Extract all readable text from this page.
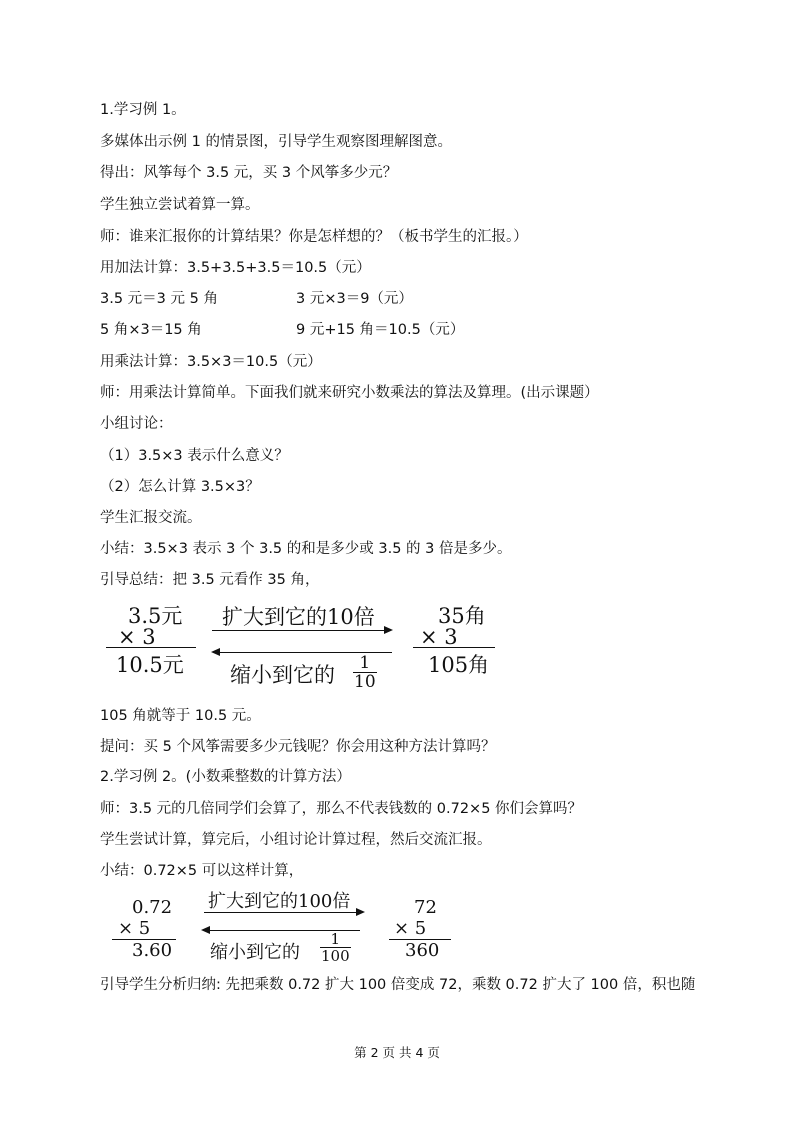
1.学习例 1。
多媒体出示例 1 的情景图，引导学生观察图理解图意。
得出：风筝每个 3.5 元，买 3 个风筝多少元？
学生独立尝试着算一算。
师：谁来汇报你的计算结果？你是怎样想的？（板书学生的汇报。）
用加法计算：3.5+3.5+3.5＝10.5（元）
3.5 元＝3 元 5 角	3 元×3＝9（元）
5 角×3＝15 角	9 元+15 角＝10.5（元）
用乘法计算：3.5×3＝10.5（元）
师：用乘法计算简单。下面我们就来研究小数乘法的算法及算理。(出示课题）
小组讨论：
（1）3.5×3 表示什么意义？
（2）怎么计算 3.5×3？
学生汇报交流。
小结：3.5×3 表示 3 个 3.5 的和是多少或 3.5 的 3 倍是多少。
引导总结：把 3.5 元看作 35 角，
3.5元
× 3
10.5元
扩大到它的10倍
缩小到它的 $\frac{1}{10}$
35角
× 3
105角
105 角就等于 10.5 元。
提问：买 5 个风筝需要多少元钱呢？你会用这种方法计算吗？
2.学习例 2。(小数乘整数的计算方法）
师：3.5 元的几倍同学们会算了，那么不代表钱数的 0.72×5 你们会算吗？
学生尝试计算，算完后，小组讨论计算过程，然后交流汇报。
小结：0.72×5 可以这样计算，
0.72
× 5
3.60
扩大到它的100倍
缩小到它的 $\frac{1}{100}$
72
× 5
360
引导学生分析归纳: 先把乘数 0.72 扩大 100 倍变成 72，乘数 0.72 扩大了 100 倍，积也随
第 2 页 共 4 页
